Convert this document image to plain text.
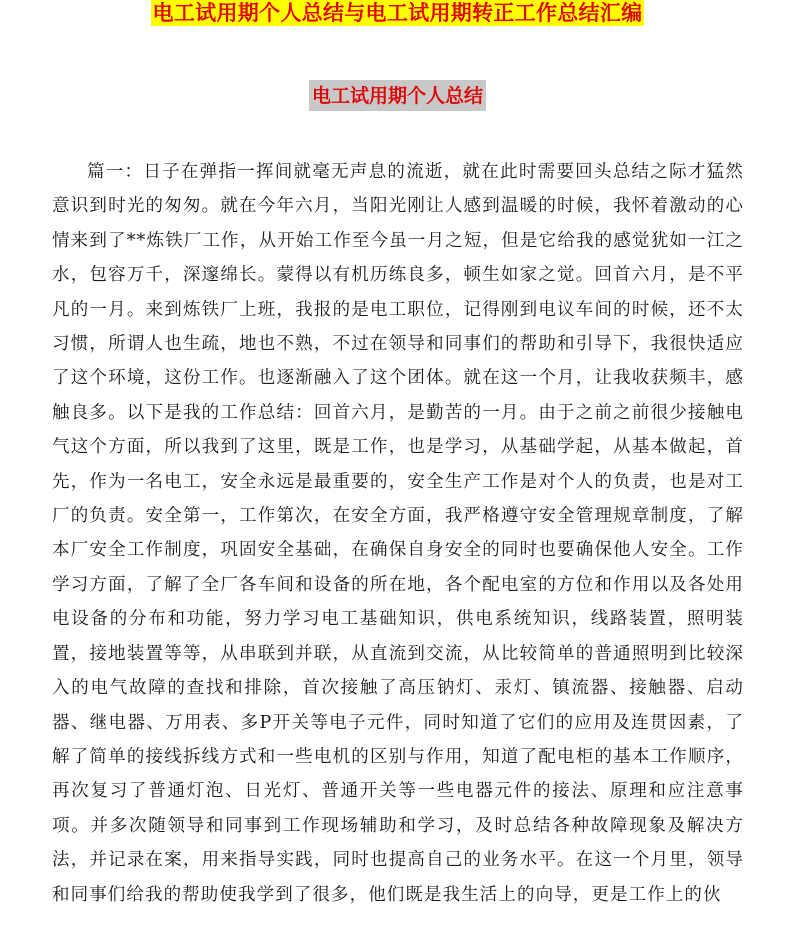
电工试用期个人总结与电工试用期转正工作总结汇编
电工试用期个人总结

篇一：日子在弹指一挥间就毫无声息的流逝，就在此时需要回头总结之际才猛然意识到时光的匆匆。就在今年六月，当阳光刚让人感到温暖的时候，我怀着激动的心情来到了**炼铁厂工作，从开始工作至今虽一月之短，但是它给我的感觉犹如一江之水，包容万千，深邃绵长。蒙得以有机历练良多，顿生如家之觉。回首六月，是不平凡的一月。来到炼铁厂上班，我报的是电工职位，记得刚到电议车间的时候，还不太习惯，所谓人也生疏，地也不熟，不过在领导和同事们的帮助和引导下，我很快适应了这个环境，这份工作。也逐渐融入了这个团体。就在这一个月，让我收获频丰，感触良多。以下是我的工作总结：回首六月，是勤苦的一月。由于之前之前很少接触电气这个方面，所以我到了这里，既是工作，也是学习，从基础学起，从基本做起，首先，作为一名电工，安全永远是最重要的，安全生产工作是对个人的负责，也是对工厂的负责。安全第一，工作第次，在安全方面，我严格遵守安全管理规章制度，了解本厂安全工作制度，巩固安全基础，在确保自身安全的同时也要确保他人安全。工作学习方面，了解了全厂各车间和设备的所在地，各个配电室的方位和作用以及各处用电设备的分布和功能，努力学习电工基础知识，供电系统知识，线路装置，照明装置，接地装置等等，从串联到并联，从直流到交流，从比较简单的普通照明到比较深入的电气故障的查找和排除，首次接触了高压钠灯、汞灯、镇流器、接触器、启动器、继电器、万用表、多P开关等电子元件，同时知道了它们的应用及连贯因素，了解了简单的接线拆线方式和一些电机的区别与作用，知道了配电柜的基本工作顺序，再次复习了普通灯泡、日光灯、普通开关等一些电器元件的接法、原理和应注意事项。并多次随领导和同事到工作现场辅助和学习，及时总结各种故障现象及解决方法，并记录在案，用来指导实践，同时也提高自己的业务水平。在这一个月里，领导和同事们给我的帮助使我学到了很多，他们既是我生活上的向导，更是工作上的伙
